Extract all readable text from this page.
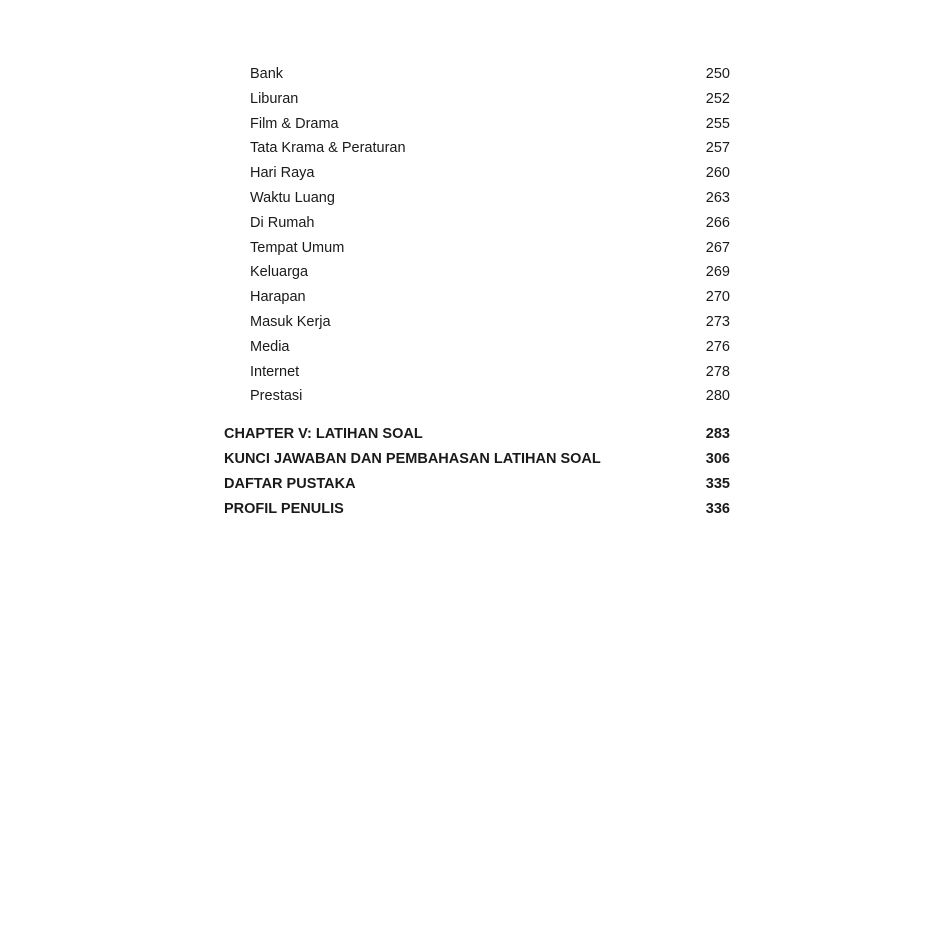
Bank	250
Liburan	252
Film & Drama	255
Tata Krama & Peraturan	257
Hari Raya	260
Waktu Luang	263
Di Rumah	266
Tempat Umum	267
Keluarga	269
Harapan	270
Masuk Kerja	273
Media	276
Internet	278
Prestasi	280
CHAPTER V: LATIHAN SOAL	283
KUNCI JAWABAN DAN PEMBAHASAN LATIHAN SOAL	306
DAFTAR PUSTAKA	335
PROFIL PENULIS	336
